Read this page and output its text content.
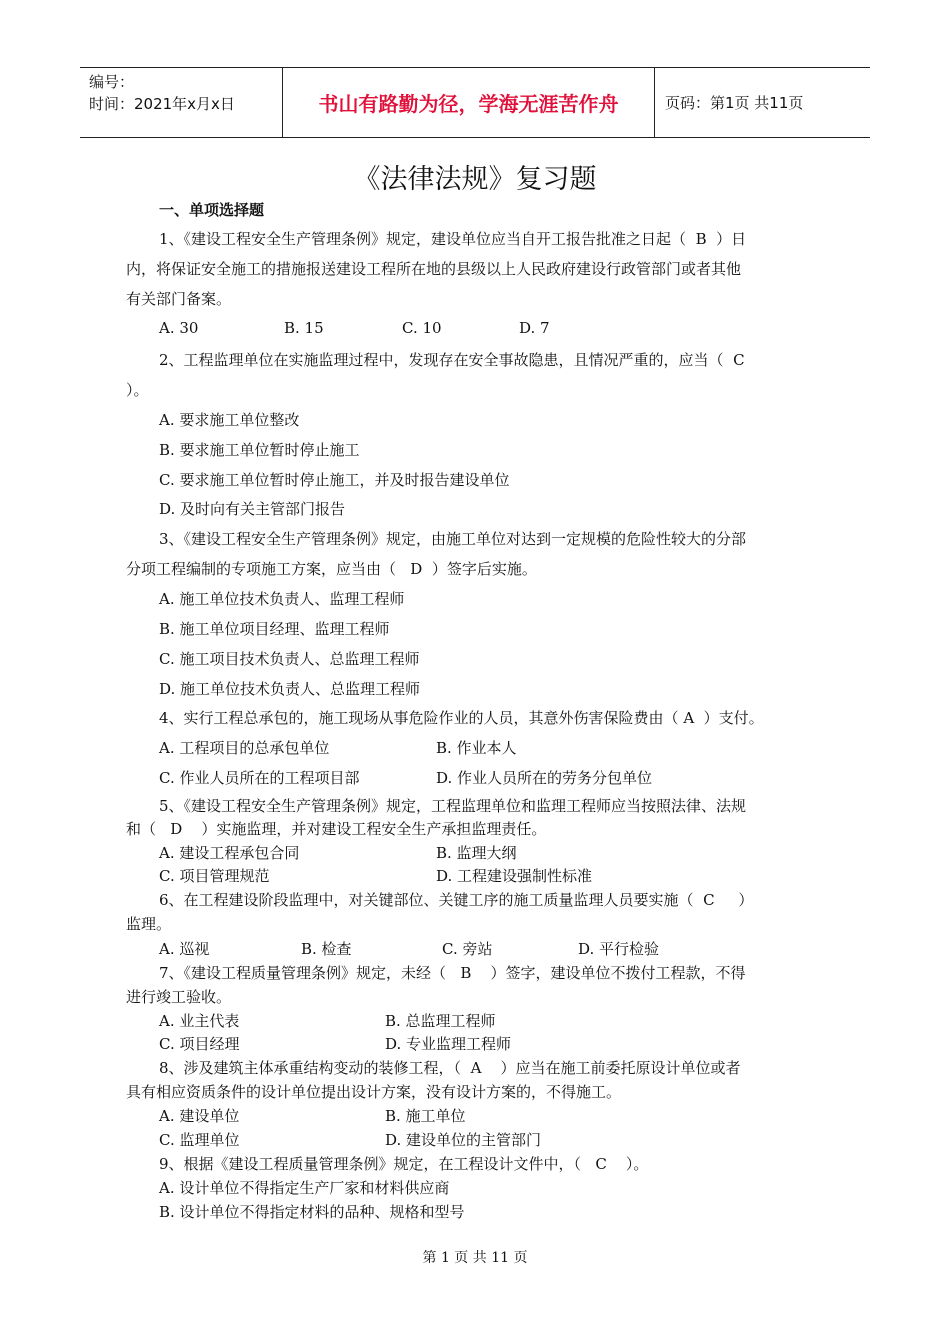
编号：
时间：2021年x月x日	书山有路勤为径，学海无涯苦作舟	页码：第1页 共11页
《法律法规》复习题
一、单项选择题
1、《建设工程安全生产管理条例》规定，建设单位应当自开工报告批准之日起（  B  ）日
内，将保证安全施工的措施报送建设工程所在地的县级以上人民政府建设行政管部门或者其他
有关部门备案。
A. 30	B. 15	C. 10	D. 7
2、工程监理单位在实施监理过程中，发现存在安全事故隐患，且情况严重的，应当（  C
）。
A. 要求施工单位整改
B. 要求施工单位暂时停止施工
C. 要求施工单位暂时停止施工，并及时报告建设单位
D. 及时向有关主管部门报告
3、《建设工程安全生产管理条例》规定，由施工单位对达到一定规模的危险性较大的分部
分项工程编制的专项施工方案，应当由（   D  ）签字后实施。
A. 施工单位技术负责人、监理工程师
B. 施工单位项目经理、监理工程师
C. 施工项目技术负责人、总监理工程师
D. 施工单位技术负责人、总监理工程师
4、实行工程总承包的，施工现场从事危险作业的人员，其意外伤害保险费由（ A  ）支付。
A. 工程项目的总承包单位	B. 作业本人
C. 作业人员所在的工程项目部	D. 作业人员所在的劳务分包单位
5、《建设工程安全生产管理条例》规定，工程监理单位和监理工程师应当按照法律、法规
和（   D    ）实施监理，并对建设工程安全生产承担监理责任。
A. 建设工程承包合同	B. 监理大纲
C. 项目管理规范	D. 工程建设强制性标准
6、在工程建设阶段监理中，对关键部位、关键工序的施工质量监理人员要实施（  C     ）
监理。
A. 巡视	B. 检查	C. 旁站	D. 平行检验
7、《建设工程质量管理条例》规定，未经（   B    ）签字，建设单位不拨付工程款，不得
进行竣工验收。
A. 业主代表	B. 总监理工程师
C. 项目经理	D. 专业监理工程师
8、涉及建筑主体承重结构变动的装修工程，（  A    ）应当在施工前委托原设计单位或者
具有相应资质条件的设计单位提出设计方案，没有设计方案的，不得施工。
A. 建设单位	B. 施工单位
C. 监理单位	D. 建设单位的主管部门
9、根据《建设工程质量管理条例》规定，在工程设计文件中，（   C    ）。
A. 设计单位不得指定生产厂家和材料供应商
B. 设计单位不得指定材料的品种、规格和型号
第 1 页 共 11 页
